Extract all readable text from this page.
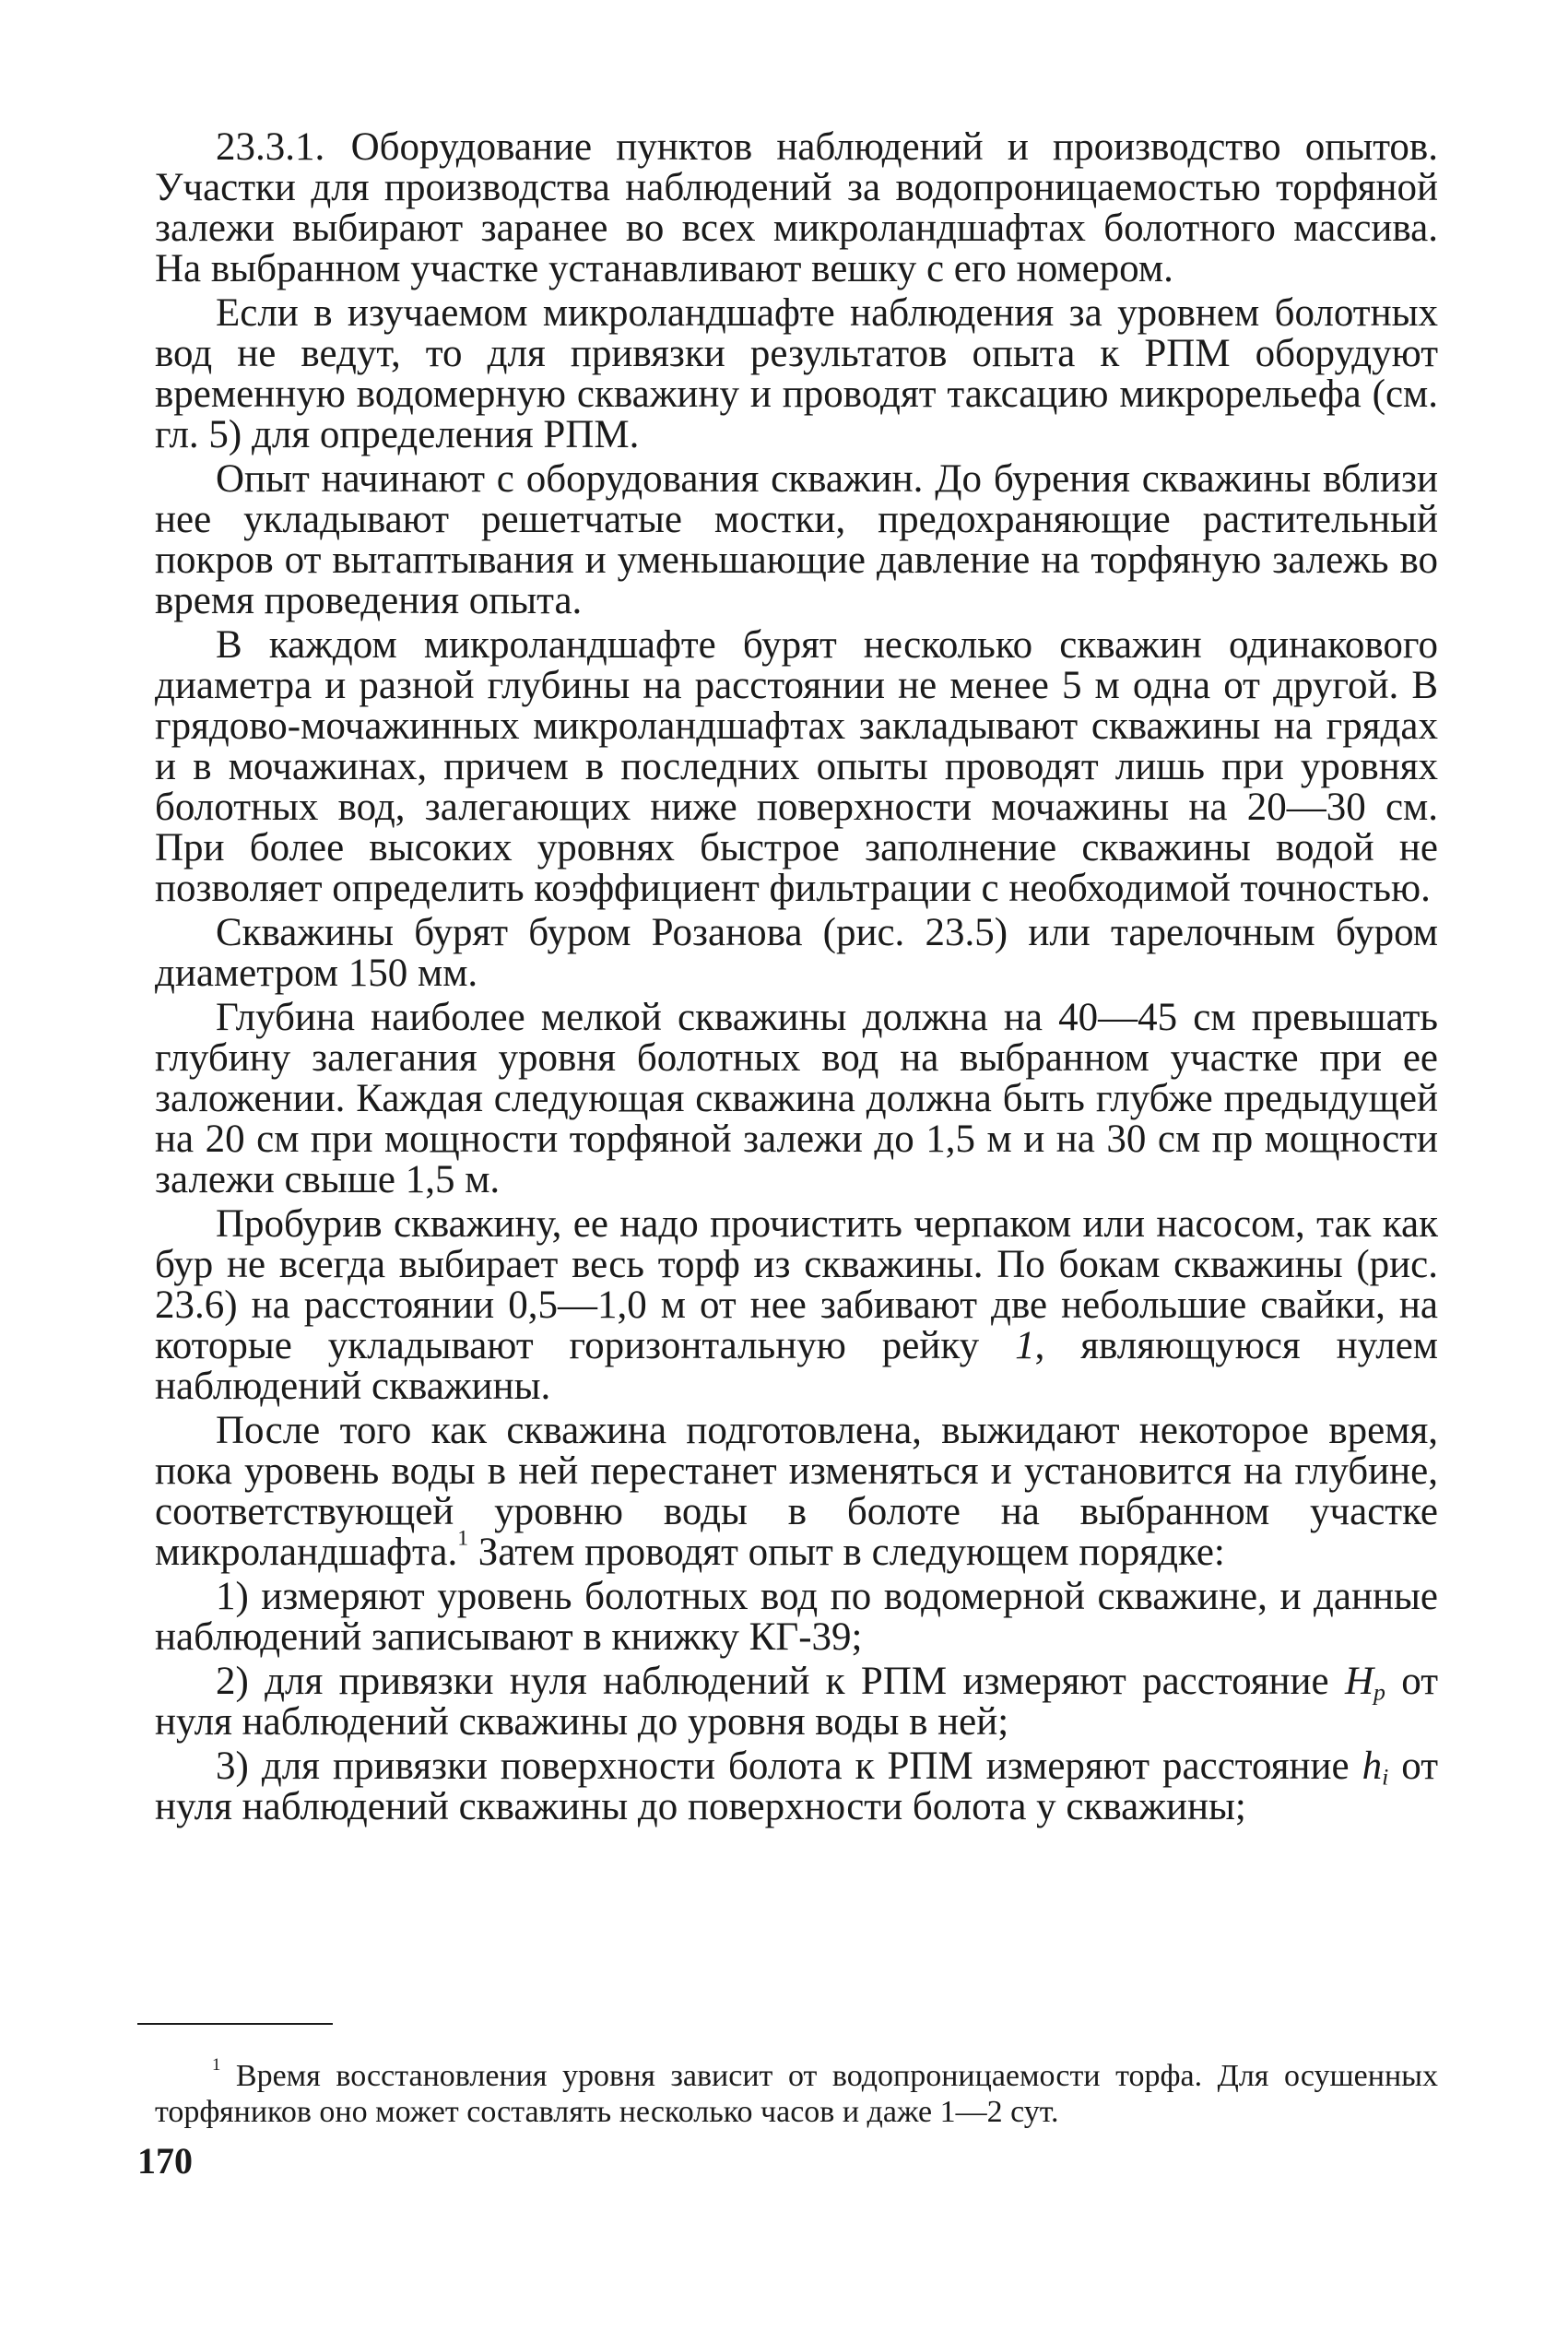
23.3.1. Оборудование пунктов наблюдений и производство опытов. Участки для производства наблюдений за водопроницаемостью торфяной залежи выбирают заранее во всех микроландшафтах болотного массива. На выбранном участке устанавливают вешку с его номером.

Если в изучаемом микроландшафте наблюдения за уровнем болотных вод не ведут, то для привязки результатов опыта к РПМ оборудуют временную водомерную скважину и проводят таксацию микрорельефа (см. гл. 5) для определения РПМ.

Опыт начинают с оборудования скважин. До бурения скважины вблизи нее укладывают решетчатые мостки, предохраняющие растительный покров от вытаптывания и уменьшающие давление на торфяную залежь во время проведения опыта.

В каждом микроландшафте бурят несколько скважин одинакового диаметра и разной глубины на расстоянии не менее 5 м одна от другой. В грядово-мочажинных микроландшафтах закладывают скважины на грядах и в мочажинах, причем в последних опыты проводят лишь при уровнях болотных вод, залегающих ниже поверхности мочажины на 20—30 см. При более высоких уровнях быстрое заполнение скважины водой не позволяет определить коэффициент фильтрации с необходимой точностью.

Скважины бурят буром Розанова (рис. 23.5) или тарелочным буром диаметром 150 мм.

Глубина наиболее мелкой скважины должна на 40—45 см превышать глубину залегания уровня болотных вод на выбранном участке при ее заложении. Каждая следующая скважина должна быть глубже предыдущей на 20 см при мощности торфяной залежи до 1,5 м и на 30 см пр мощности залежи свыше 1,5 м.

Пробурив скважину, ее надо прочистить черпаком или насосом, так как бур не всегда выбирает весь торф из скважины. По бокам скважины (рис. 23.6) на расстоянии 0,5—1,0 м от нее забивают две небольшие свайки, на которые укладывают горизонтальную рейку 1, являющуюся нулем наблюдений скважины.

После того как скважина подготовлена, выжидают некоторое время, пока уровень воды в ней перестанет изменяться и установится на глубине, соответствующей уровню воды в болоте на выбранном участке микроландшафта.$^1$ Затем проводят опыт в следующем порядке:

1) измеряют уровень болотных вод по водомерной скважине, и данные наблюдений записывают в книжку КГ-39;

2) для привязки нуля наблюдений к РПМ измеряют расстояние $H_p$ от нуля наблюдений скважины до уровня воды в ней;

3) для привязки поверхности болота к РПМ измеряют расстояние $h_i$ от нуля наблюдений скважины до поверхности болота у скважины;

$^1$ Время восстановления уровня зависит от водопроницаемости торфа. Для осушенных торфяников оно может составлять несколько часов и даже 1—2 сут.

170
